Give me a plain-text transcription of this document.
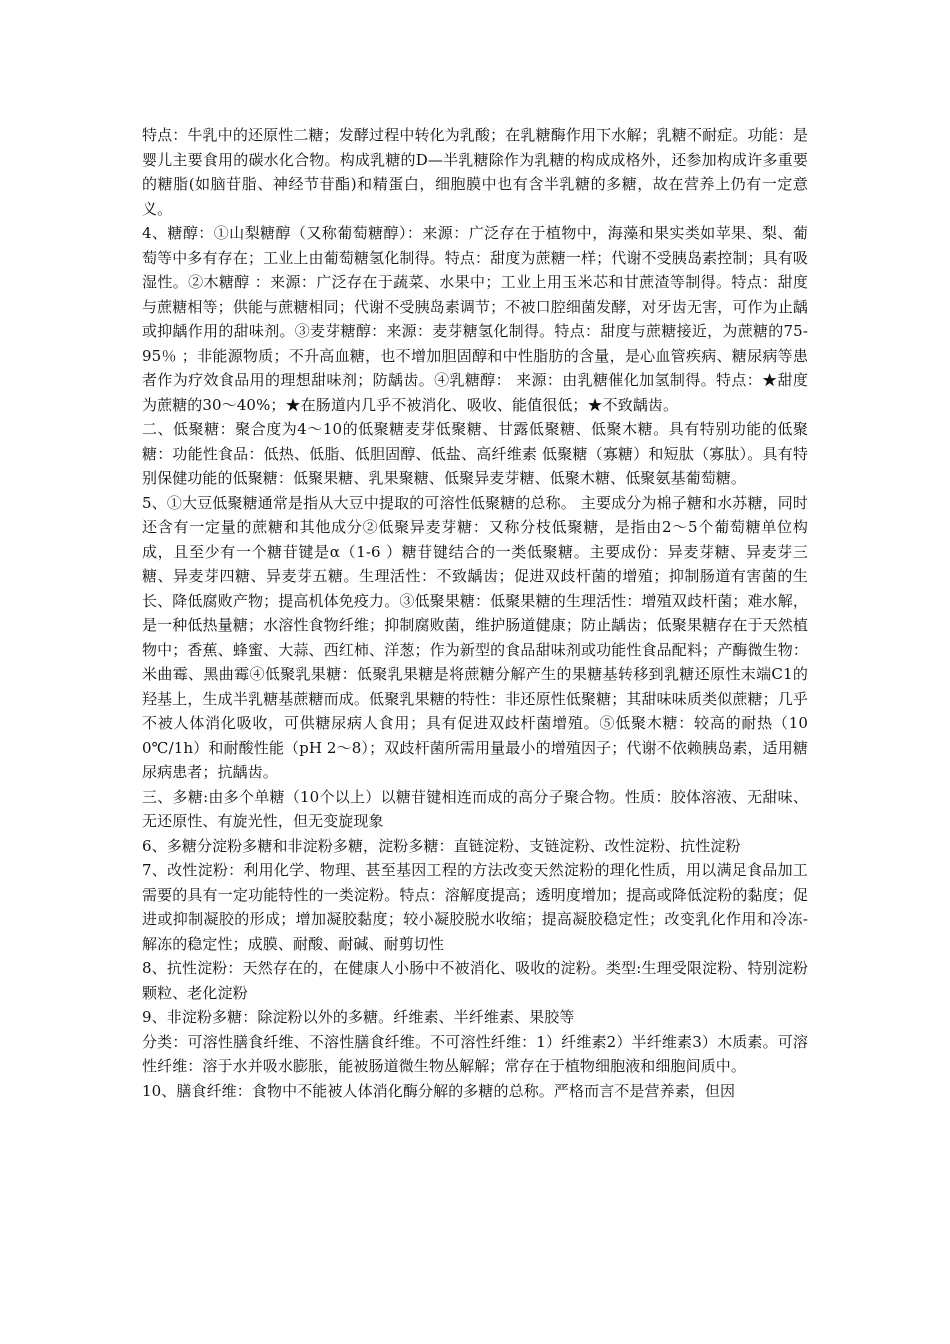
特点：牛乳中的还原性二糖；发酵过程中转化为乳酸；在乳糖酶作用下水解；乳糖不耐症。功能：是婴儿主要食用的碳水化合物。构成乳糖的D—半乳糖除作为乳糖的构成成格外，还参加构成许多重要的糖脂(如脑苷脂、神经节苷酯)和精蛋白，细胞膜中也有含半乳糖的多糖，故在营养上仍有一定意义。

4、糖醇：①山梨糖醇（又称葡萄糖醇）：来源：广泛存在于植物中，海藻和果实类如苹果、梨、葡萄等中多有存在；工业上由葡萄糖氢化制得。特点：甜度为蔗糖一样；代谢不受胰岛素控制；具有吸湿性。②木糖醇 ：来源：广泛存在于蔬菜、水果中；工业上用玉米芯和甘蔗渣等制得。特点：甜度与蔗糖相等；供能与蔗糖相同；代谢不受胰岛素调节；不被口腔细菌发酵，对牙齿无害，可作为止龋或抑龋作用的甜味剂。③麦芽糖醇：来源：麦芽糖氢化制得。特点：甜度与蔗糖接近，为蔗糖的75-95％ ；非能源物质；不升高血糖，也不增加胆固醇和中性脂肪的含量，是心血管疾病、糖尿病等患者作为疗效食品用的理想甜味剂；防龋齿。④乳糖醇： 来源：由乳糖催化加氢制得。特点：★甜度为蔗糖的30～40%；★在肠道内几乎不被消化、吸收、能值很低；★不致龋齿。

二、低聚糖：聚合度为4～10的低聚糖麦芽低聚糖、甘露低聚糖、低聚木糖。具有特别功能的低聚糖：功能性食品：低热、低脂、低胆固醇、低盐、高纤维素 低聚糖（寡糖）和短肽（寡肽）。具有特别保健功能的低聚糖：低聚果糖、乳果聚糖、低聚异麦芽糖、低聚木糖、低聚氨基葡萄糖。

5、①大豆低聚糖通常是指从大豆中提取的可溶性低聚糖的总称。 主要成分为棉子糖和水苏糖，同时还含有一定量的蔗糖和其他成分②低聚异麦芽糖：又称分枝低聚糖，是指由2～5个葡萄糖单位构成，且至少有一个糖苷键是α（1-6 ）糖苷键结合的一类低聚糖。主要成份：异麦芽糖、异麦芽三糖、异麦芽四糖、异麦芽五糖。生理活性：不致龋齿；促进双歧杆菌的增殖；抑制肠道有害菌的生长、降低腐败产物；提高机体免疫力。③低聚果糖：低聚果糖的生理活性：增殖双歧杆菌；难水解，是一种低热量糖；水溶性食物纤维；抑制腐败菌，维护肠道健康；防止龋齿；低聚果糖存在于天然植物中；香蕉、蜂蜜、大蒜、西红柿、洋葱；作为新型的食品甜味剂或功能性食品配料；产酶微生物：米曲霉、黑曲霉④低聚乳果糖：低聚乳果糖是将蔗糖分解产生的果糖基转移到乳糖还原性末端C1的羟基上，生成半乳糖基蔗糖而成。低聚乳果糖的特性：非还原性低聚糖；其甜味味质类似蔗糖；几乎不被人体消化吸收，可供糖尿病人食用；具有促进双歧杆菌增殖。⑤低聚木糖：较高的耐热（100℃/1h）和耐酸性能（pH 2～8）；双歧杆菌所需用量最小的增殖因子；代谢不依赖胰岛素，适用糖尿病患者；抗龋齿。

三、多糖:由多个单糖（10个以上）以糖苷键相连而成的高分子聚合物。性质：胶体溶液、无甜味、无还原性、有旋光性，但无变旋现象

6、多糖分淀粉多糖和非淀粉多糖，淀粉多糖：直链淀粉、支链淀粉、改性淀粉、抗性淀粉

7、改性淀粉：利用化学、物理、甚至基因工程的方法改变天然淀粉的理化性质，用以满足食品加工需要的具有一定功能特性的一类淀粉。特点：溶解度提高；透明度增加；提高或降低淀粉的黏度；促进或抑制凝胶的形成；增加凝胶黏度；较小凝胶脱水收缩；提高凝胶稳定性；改变乳化作用和冷冻-解冻的稳定性；成膜、耐酸、耐碱、耐剪切性

8、抗性淀粉：天然存在的，在健康人小肠中不被消化、吸收的淀粉。类型:生理受限淀粉、特别淀粉颗粒、老化淀粉

9、非淀粉多糖：除淀粉以外的多糖。纤维素、半纤维素、果胶等

分类：可溶性膳食纤维、不溶性膳食纤维。不可溶性纤维：1）纤维素2）半纤维素3）木质素。可溶性纤维：溶于水并吸水膨胀，能被肠道微生物丛解解；常存在于植物细胞液和细胞间质中。

10、膳食纤维：食物中不能被人体消化酶分解的多糖的总称。严格而言不是营养素，但因
